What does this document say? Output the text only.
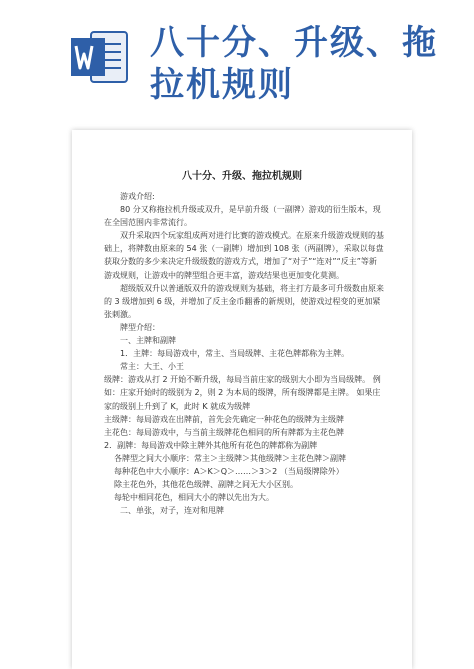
八十分、升级、拖拉机规则
八十分、升级、拖拉机规则

游戏介绍:

80 分又称拖拉机升级或双升，是早前升级（一副牌）游戏的衍生版本，现在全国范围内非常流行。

双升采取四个玩家组成两对进行比赛的游戏模式。在原来升级游戏规则的基础上，将牌数由原来的 54 张（一副牌）增加到 108 张（两副牌），采取以每盘获取分数的多少来决定升级级数的游戏方式，增加了“对子”“连对”“反主”等新游戏规则，让游戏中的牌型组合更丰富，游戏结果也更加变化莫测。

超级版双升以普通版双升的游戏规则为基础，将主打方最多可升级数由原来的 3 级增加到 6 级，并增加了反主金币翻番的新规则，使游戏过程变的更加紧张刺激。

牌型介绍：

一、主牌和副牌

1．主牌：每局游戏中，常主、当局级牌、主花色牌都称为主牌。

常主：大王、小王

级牌：游戏从打 2 开始不断升级，每局当前庄家的级别大小即为当局级牌。 例如：庄家开始时的级别为 2，则 2 为本局的级牌，所有级牌都是主牌。 如果庄家的级别上升到了 K，此时 K 就成为级牌

主级牌：每局游戏在出牌前，首先会先确定一种花色的级牌为主级牌

主花色：每局游戏中，与当前主级牌花色相同的所有牌都为主花色牌

2．副牌：每局游戏中除主牌外其他所有花色的牌都称为副牌

各牌型之间大小顺序：常主＞主级牌＞其他级牌＞主花色牌＞副牌

每种花色中大小顺序：A＞K＞Q＞……＞3＞2 （当局级牌除外）

除主花色外，其他花色级牌、副牌之间无大小区别。

每轮中相同花色，相同大小的牌以先出为大。

二、单张，对子，连对和甩牌
